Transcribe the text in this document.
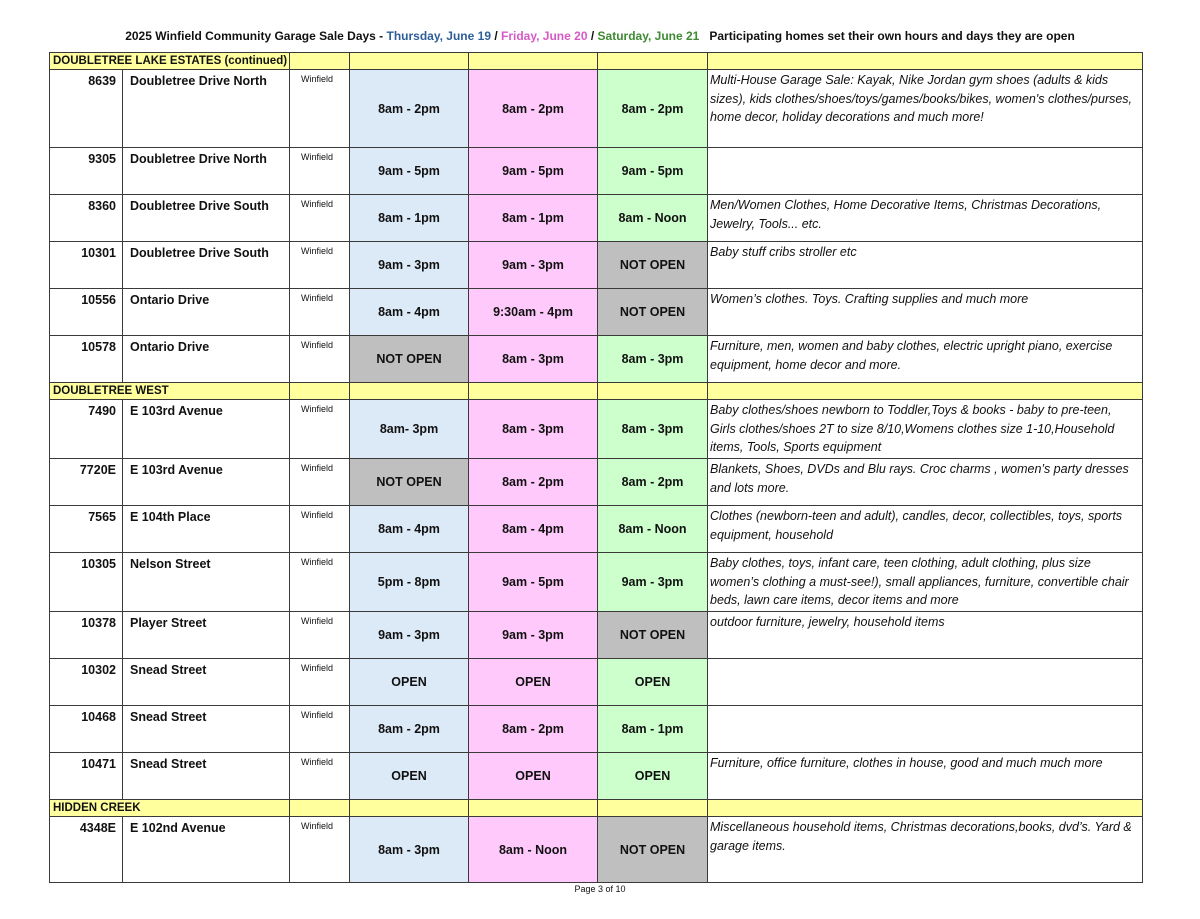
2025 Winfield Community Garage Sale Days - Thursday, June 19 / Friday, June 20 / Saturday, June 21 Participating homes set their own hours and days they are open
DOUBLETREE LAKE ESTATES (continued)						
8639	Doubletree Drive North	Winfield	8am - 2pm	8am - 2pm	8am - 2pm	Multi-House Garage Sale: Kayak, Nike Jordan gym shoes (adults & kids sizes), kids clothes/shoes/toys/games/books/bikes, women's clothes/purses, home decor, holiday decorations and much more!
9305	Doubletree Drive North	Winfield	9am - 5pm	9am - 5pm	9am - 5pm	
8360	Doubletree Drive South	Winfield	8am - 1pm	8am - 1pm	8am - Noon	Men/Women Clothes, Home Decorative Items, Christmas Decorations, Jewelry, Tools... etc.
10301	Doubletree Drive South	Winfield	9am - 3pm	9am - 3pm	NOT OPEN	Baby stuff cribs stroller etc
10556	Ontario Drive	Winfield	8am - 4pm	9:30am - 4pm	NOT OPEN	Women’s clothes. Toys. Crafting supplies and much more
10578	Ontario Drive	Winfield	NOT OPEN	8am - 3pm	8am - 3pm	Furniture, men, women and baby clothes, electric upright piano, exercise equipment, home decor and more.
DOUBLETREE WEST						
7490	E 103rd Avenue	Winfield	8am- 3pm	8am - 3pm	8am - 3pm	Baby clothes/shoes newborn to Toddler,Toys & books - baby to pre-teen, Girls clothes/shoes 2T to size 8/10,Womens clothes size 1-10,Household items, Tools, Sports equipment
7720E	E 103rd Avenue	Winfield	NOT OPEN	8am - 2pm	8am - 2pm	Blankets, Shoes, DVDs and Blu rays. Croc charms , women’s party dresses and lots more.
7565	E 104th Place	Winfield	8am - 4pm	8am - 4pm	8am - Noon	Clothes (newborn-teen and adult), candles, decor, collectibles, toys, sports equipment, household
10305	Nelson Street	Winfield	5pm - 8pm	9am - 5pm	9am - 3pm	Baby clothes, toys, infant care, teen clothing, adult clothing, plus size women’s clothing a must-see!), small appliances, furniture, convertible chair beds, lawn care items, decor items and more
10378	Player Street	Winfield	9am - 3pm	9am - 3pm	NOT OPEN	outdoor furniture, jewelry, household items
10302	Snead Street	Winfield	OPEN	OPEN	OPEN	
10468	Snead Street	Winfield	8am - 2pm	8am - 2pm	8am - 1pm	
10471	Snead Street	Winfield	OPEN	OPEN	OPEN	Furniture, office furniture, clothes in house, good and much much more
HIDDEN CREEK						
4348E	E 102nd Avenue	Winfield	8am - 3pm	8am - Noon	NOT OPEN	Miscellaneous household items, Christmas decorations,books, dvd’s. Yard & garage items.
Page 3 of 10
